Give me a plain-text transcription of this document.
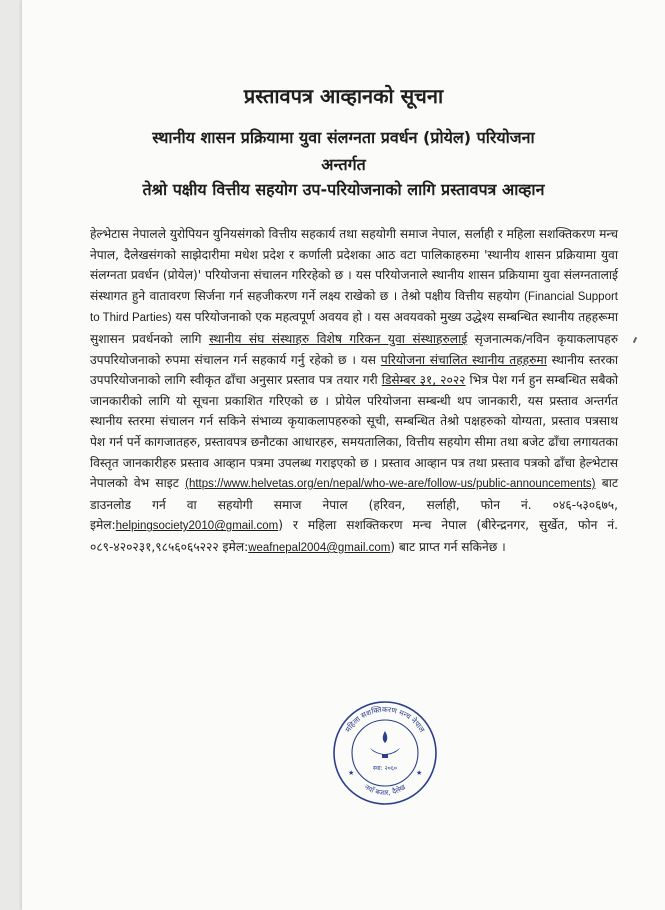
प्रस्तावपत्र आव्हानको सूचना
स्थानीय शासन प्रक्रियामा युवा संलग्नता प्रवर्धन (प्रोयेल) परियोजना
अन्तर्गत
तेश्रो पक्षीय वित्तीय सहयोग उप-परियोजनाको लागि प्रस्तावपत्र आव्हान

हेल्भेटास नेपालले युरोपियन युनियसंगको वित्तीय सहकार्य तथा सहयोगी समाज नेपाल, सर्लाही र महिला सशक्तिकरण मन्च नेपाल, दैलेखसंगको साझेदारीमा मधेश प्रदेश र कर्णाली प्रदेशका आठ वटा पालिकाहरुमा 'स्थानीय शासन प्रक्रियामा युवा संलग्नता प्रवर्धन (प्रोयेल)' परियोजना संचालन गरिरहेको छ । यस परियोजनाले स्थानीय शासन प्रक्रियामा युवा संलग्नतालाई संस्थागत हुने वातावरण सिर्जना गर्न सहजीकरण गर्ने लक्ष्य राखेको छ । तेश्रो पक्षीय वित्तीय सहयोग (Financial Support to Third Parties) यस परियोजनाको एक महत्वपूर्ण अवयव हो । यस अवयवको मुख्य उद्धेश्य सम्बन्धित स्थानीय तहहरूमा सुशासन प्रवर्धनको लागि स्थानीय संघ संस्थाहरु विशेष गरिकन युवा संस्थाहरुलाई सृजनात्मक/नविन कृयाकलापहरु उपपरियोजनाको रुपमा संचालन गर्न सहकार्य गर्नु रहेको छ । यस परियोजना संचालित स्थानीय तहहरुमा स्थानीय स्तरका उपपरियोजनाको लागि स्वीकृत ढाँचा अनुसार प्रस्ताव पत्र तयार गरी डिसेम्बर ३१, २०२२ भित्र पेश गर्न हुन सम्बन्धित सबैको जानकारीको लागि यो सूचना प्रकाशित गरिएको छ । प्रोयेल परियोजना सम्बन्धी थप जानकारी, यस प्रस्ताव अन्तर्गत स्थानीय स्तरमा संचालन गर्न सकिने संभाव्य कृयाकलापहरुको सूची, सम्बन्धित तेश्रो पक्षहरुको योग्यता, प्रस्ताव पत्रसाथ पेश गर्न पर्ने कागजातहरु, प्रस्तावपत्र छनौटका आधारहरु, समयतालिका, वित्तीय सहयोग सीमा तथा बजेट ढाँचा लगायतका विस्तृत जानकारीहरु प्रस्ताव आव्हान पत्रमा उपलब्ध गराइएको छ । प्रस्ताव आव्हान पत्र तथा प्रस्ताव पत्रको ढाँचा हेल्भेटास नेपालको वेभ साइट (https://www.helvetas.org/en/nepal/who-we-are/follow-us/public-announcements) बाट डाउनलोड गर्न वा सहयोगी समाज नेपाल (हरिवन, सर्लाही, फोन नं. ०४६-५३०६७५, इमेल:helpingsociety2010@gmail.com) र महिला सशक्तिकरण मन्च नेपाल (बीरेन्द्रनगर, सुर्खेत, फोन नं. ०८९-४२०२३१,९८५६०६५२२२ इमेल:weafnepal2004@gmail.com) बाट प्राप्त गर्न सकिनेछ ।

महिला सशक्तिकरण मन्च नेपाल
नयाँ बजार, दैलेख
स्था: २०६०
★	★
